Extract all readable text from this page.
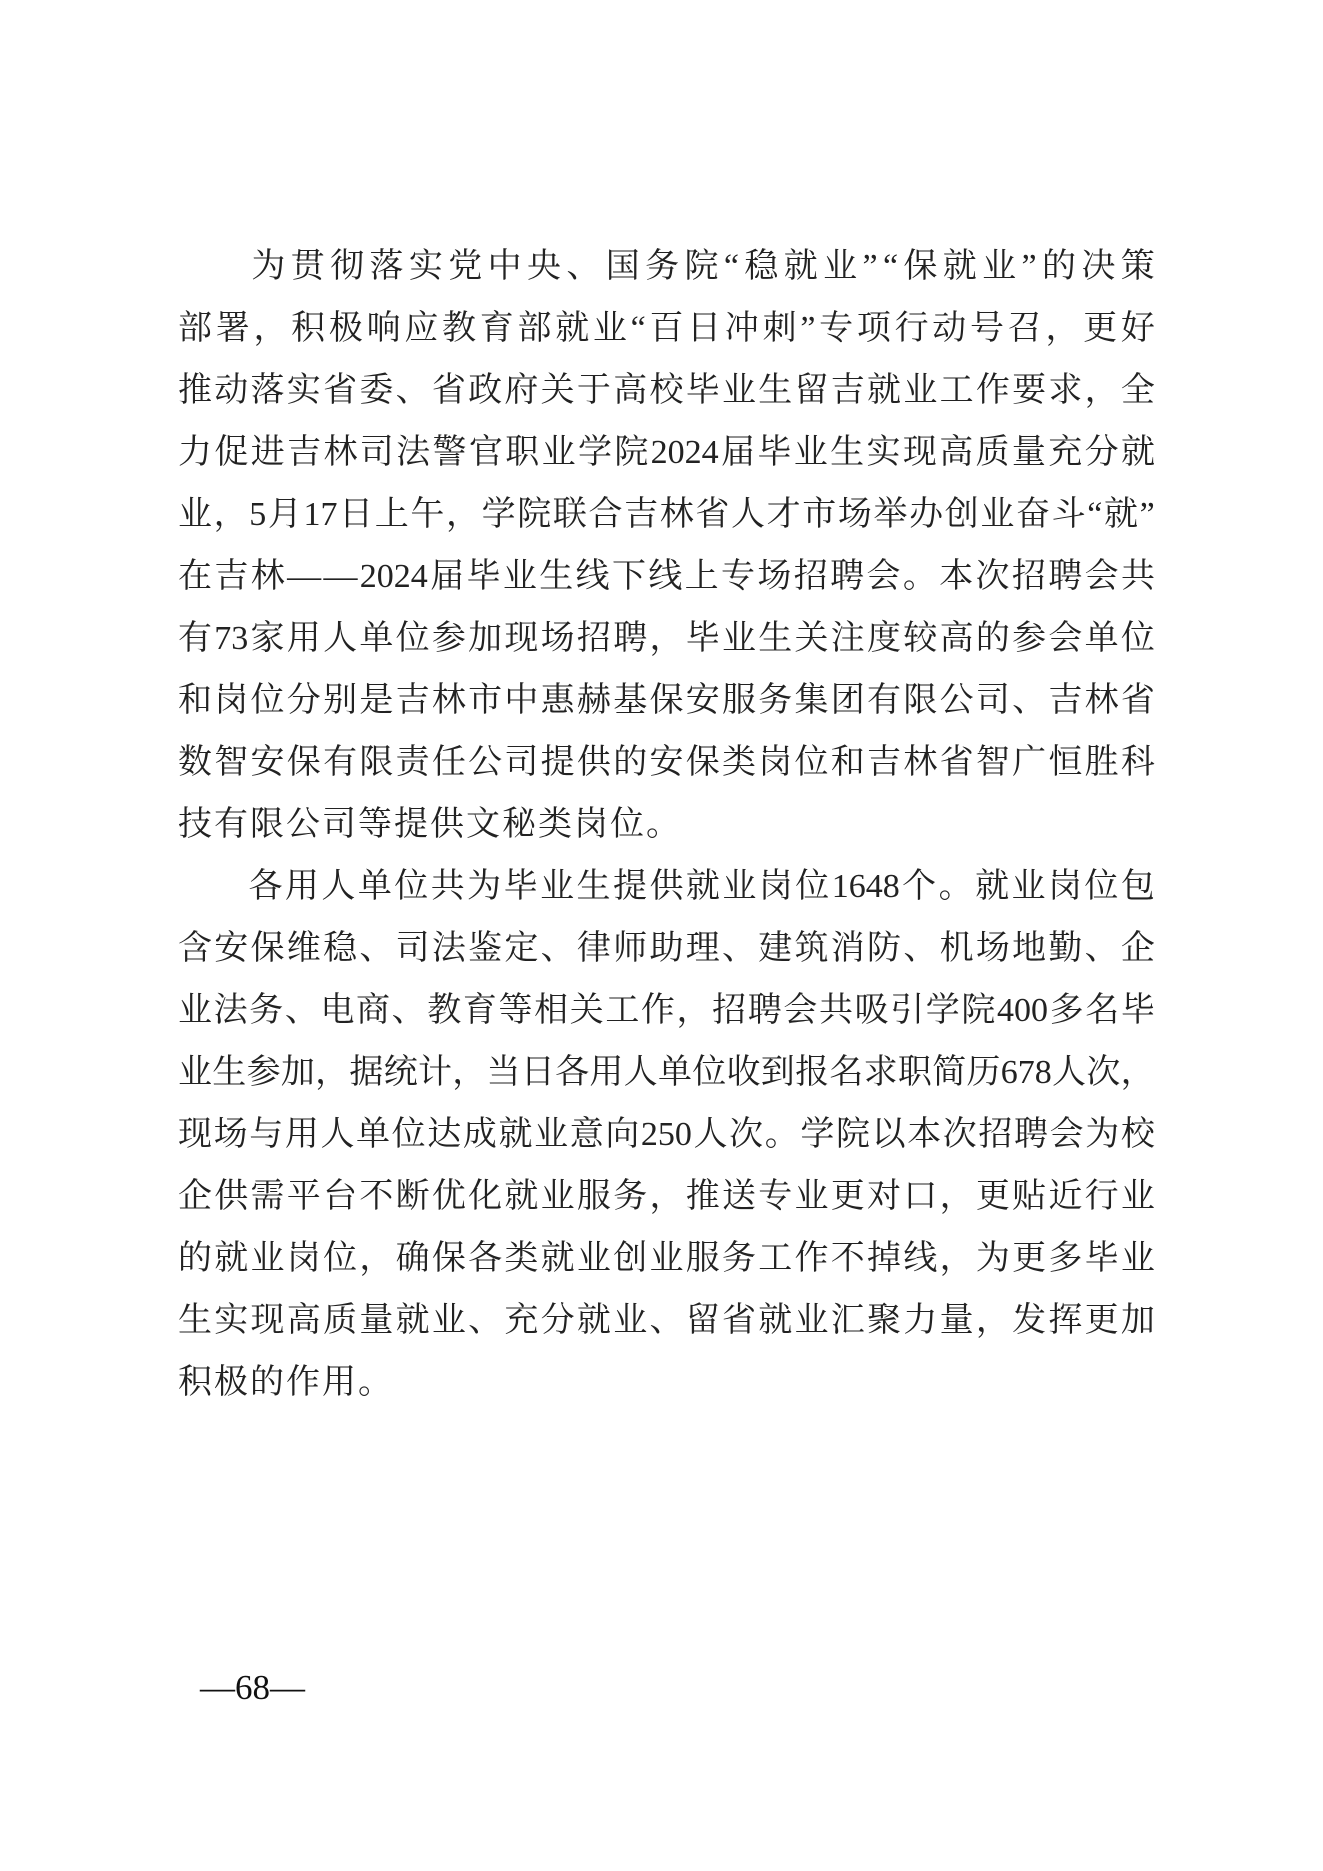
为 贯 彻 落 实 党 中 央 、 国 务 院 “ 稳 就 业 ” “ 保 就 业 ” 的 决 策
部 署 ， 积 极 响 应 教 育 部 就 业 “ 百 日 冲 刺 ” 专 项 行 动 号 召 ， 更 好
推 动 落 实 省 委 、 省 政 府 关 于 高 校 毕 业 生 留 吉 就 业 工 作 要 求 ， 全
力 促 进 吉 林 司 法 警 官 职 业 学 院 2024 届 毕 业 生 实 现 高 质 量 充 分 就
业 ， 5 月 17 日 上 午 ， 学 院 联 合 吉 林 省 人 才 市 场 举 办 创 业 奋 斗 “ 就 ”
在 吉 林 — — 2024 届 毕 业 生 线 下 线 上 专 场 招 聘 会 。 本 次 招 聘 会 共
有 73 家 用 人 单 位 参 加 现 场 招 聘 ， 毕 业 生 关 注 度 较 高 的 参 会 单 位
和 岗 位 分 别 是 吉 林 市 中 惠 赫 基 保 安 服 务 集 团 有 限 公 司 、 吉 林 省
数 智 安 保 有 限 责 任 公 司 提 供 的 安 保 类 岗 位 和 吉 林 省 智 广 恒 胜 科
技有限公司等提供文秘类岗位。
各 用 人 单 位 共 为 毕 业 生 提 供 就 业 岗 位 1648 个 。 就 业 岗 位 包
含 安 保 维 稳 、 司 法 鉴 定 、 律 师 助 理 、 建 筑 消 防 、 机 场 地 勤 、 企
业 法 务 、 电 商 、 教 育 等 相 关 工 作 ， 招 聘 会 共 吸 引 学 院 400 多 名 毕
业 生 参 加 ， 据 统 计 ， 当 日 各 用 人 单 位 收 到 报 名 求 职 简 历 678 人 次 ，
现 场 与 用 人 单 位 达 成 就 业 意 向 250 人 次 。 学 院 以 本 次 招 聘 会 为 校
企 供 需 平 台 不 断 优 化 就 业 服 务 ， 推 送 专 业 更 对 口 ， 更 贴 近 行 业
的 就 业 岗 位 ， 确 保 各 类 就 业 创 业 服 务 工 作 不 掉 线 ， 为 更 多 毕 业
生 实 现 高 质 量 就 业 、 充 分 就 业 、 留 省 就 业 汇 聚 力 量 ， 发 挥 更 加
积极的作用。
—68—
